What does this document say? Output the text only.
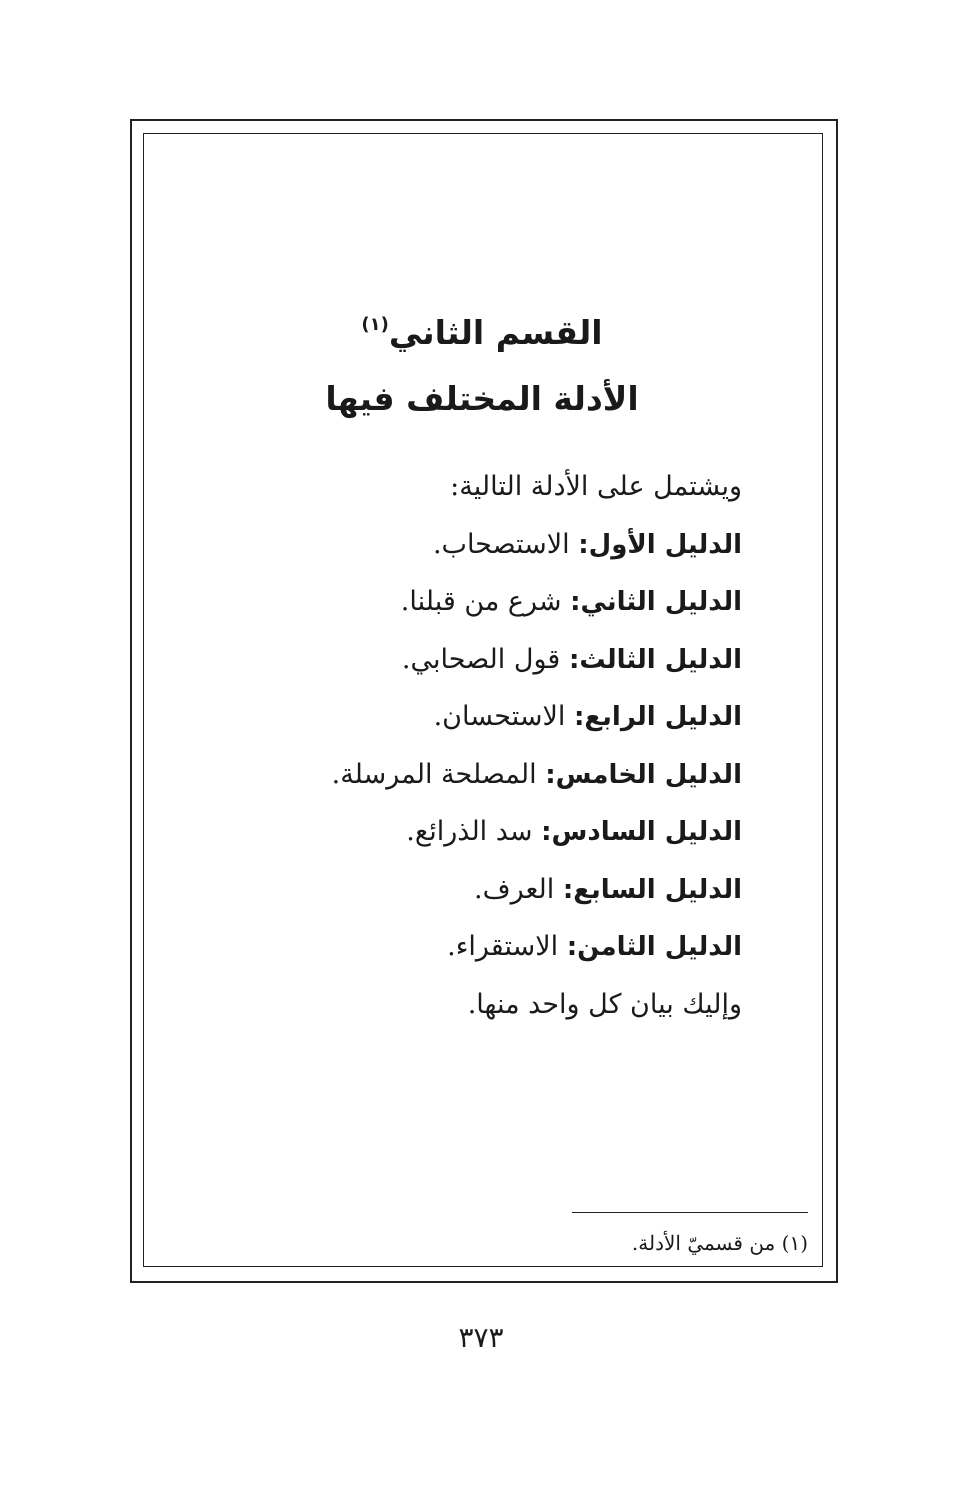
القسم الثاني$^{(١)}$

الأدلة المختلف فيها

ويشتمل على الأدلة التالية:
الدليل الأول: الاستصحاب.
الدليل الثاني: شرع من قبلنا.
الدليل الثالث: قول الصحابي.
الدليل الرابع: الاستحسان.
الدليل الخامس: المصلحة المرسلة.
الدليل السادس: سد الذرائع.
الدليل السابع: العرف.
الدليل الثامن: الاستقراء.
وإليك بيان كل واحد منها.
(١) من قسميّ الأدلة.
٣٧٣
